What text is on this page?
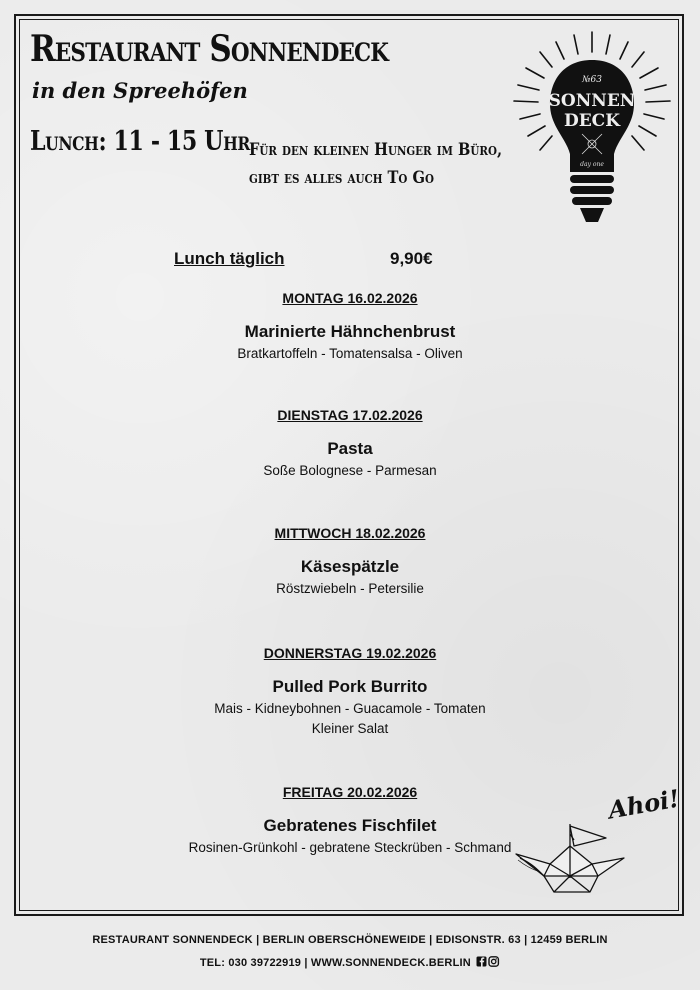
Restaurant Sonnendeck
in den Spreehöfen
Lunch: 11 - 15 Uhr Für den kleinen Hunger im Büro,
gibt es alles auch To Go
№63
SONNEN
DECK
day one
Lunch täglich	9,90€
MONTAG 16.02.2026
Marinierte Hähnchenbrust
Bratkartoffeln - Tomatensalsa - Oliven
DIENSTAG 17.02.2026
Pasta
Soße Bolognese - Parmesan
MITTWOCH 18.02.2026
Käsespätzle
Röstzwiebeln - Petersilie
DONNERSTAG 19.02.2026
Pulled Pork Burrito
Mais - Kidneybohnen - Guacamole - Tomaten
Kleiner Salat
FREITAG 20.02.2026
Gebratenes Fischfilet
Rosinen-Grünkohl - gebratene Steckrüben - Schmand
Ahoi!
RESTAURANT SONNENDECK | BERLIN OBERSCHÖNEWEIDE | EDISONSTR. 63 | 12459 BERLIN
TEL: 030 39722919 | WWW.SONNENDECK.BERLIN
